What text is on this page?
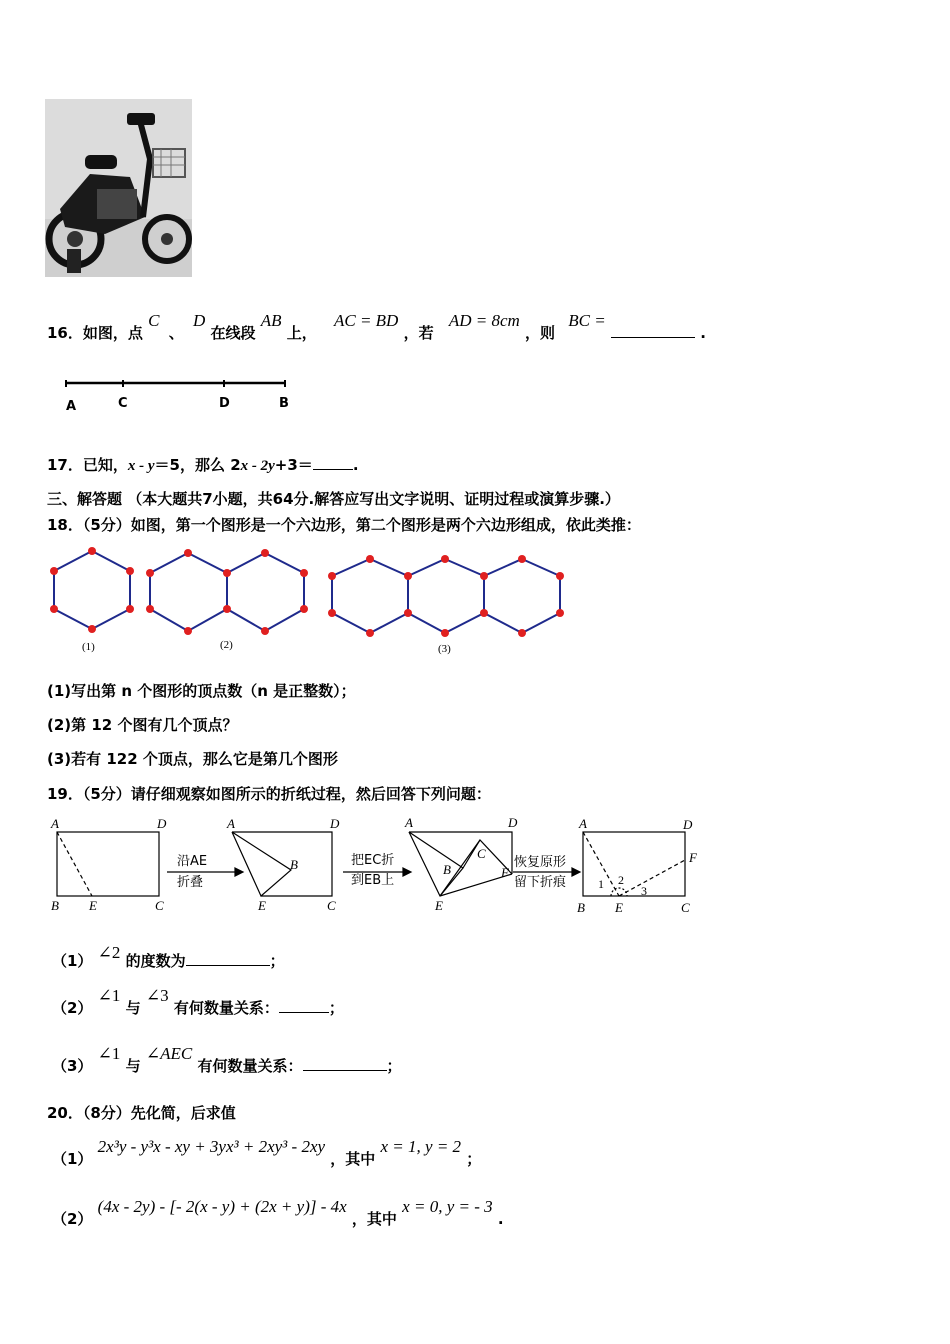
16．如图，点 C 、 D 在线段 AB 上， AC = BD ，若 AD = 8cm ，则 BC =  .
A	C	D	B
17．已知，x - y＝5，那么 2x - 2y+3＝	.
三、解答题 （本大题共7小题，共64分.解答应写出文字说明、证明过程或演算步骤.）
18．（5分）如图，第一个图形是一个六边形，第二个图形是两个六边形组成，依此类推：
(1)	(2)	(3)
(1)写出第 n 个图形的顶点数（n 是正整数）；
(2)第 12 个图有几个顶点？
(3)若有 122 个顶点，那么它是第几个图形
19．（5分）请仔细观察如图所示的折纸过程，然后回答下列问题：
A	D
B E	C
A	D
B
E	C
A	D
C
B	F
E
A	D
F
B E	C
1 2
3
沿AE
折叠
把EC折
到EB上
恢复原形
留下折痕
（1） ∠2 的度数为	；
（2） ∠1 与 ∠3 有何数量关系：	；
（3） ∠1 与 ∠AEC 有何数量关系：	；
20．（8分）先化简，后求值
（1） 2x³y - y³x - xy + 3yx³ + 2xy³ - 2xy ，其中 x = 1, y = 2 ；
（2） (4x - 2y) - [- 2(x - y) + (2x + y)] - 4x ，其中 x = 0, y = - 3 .
